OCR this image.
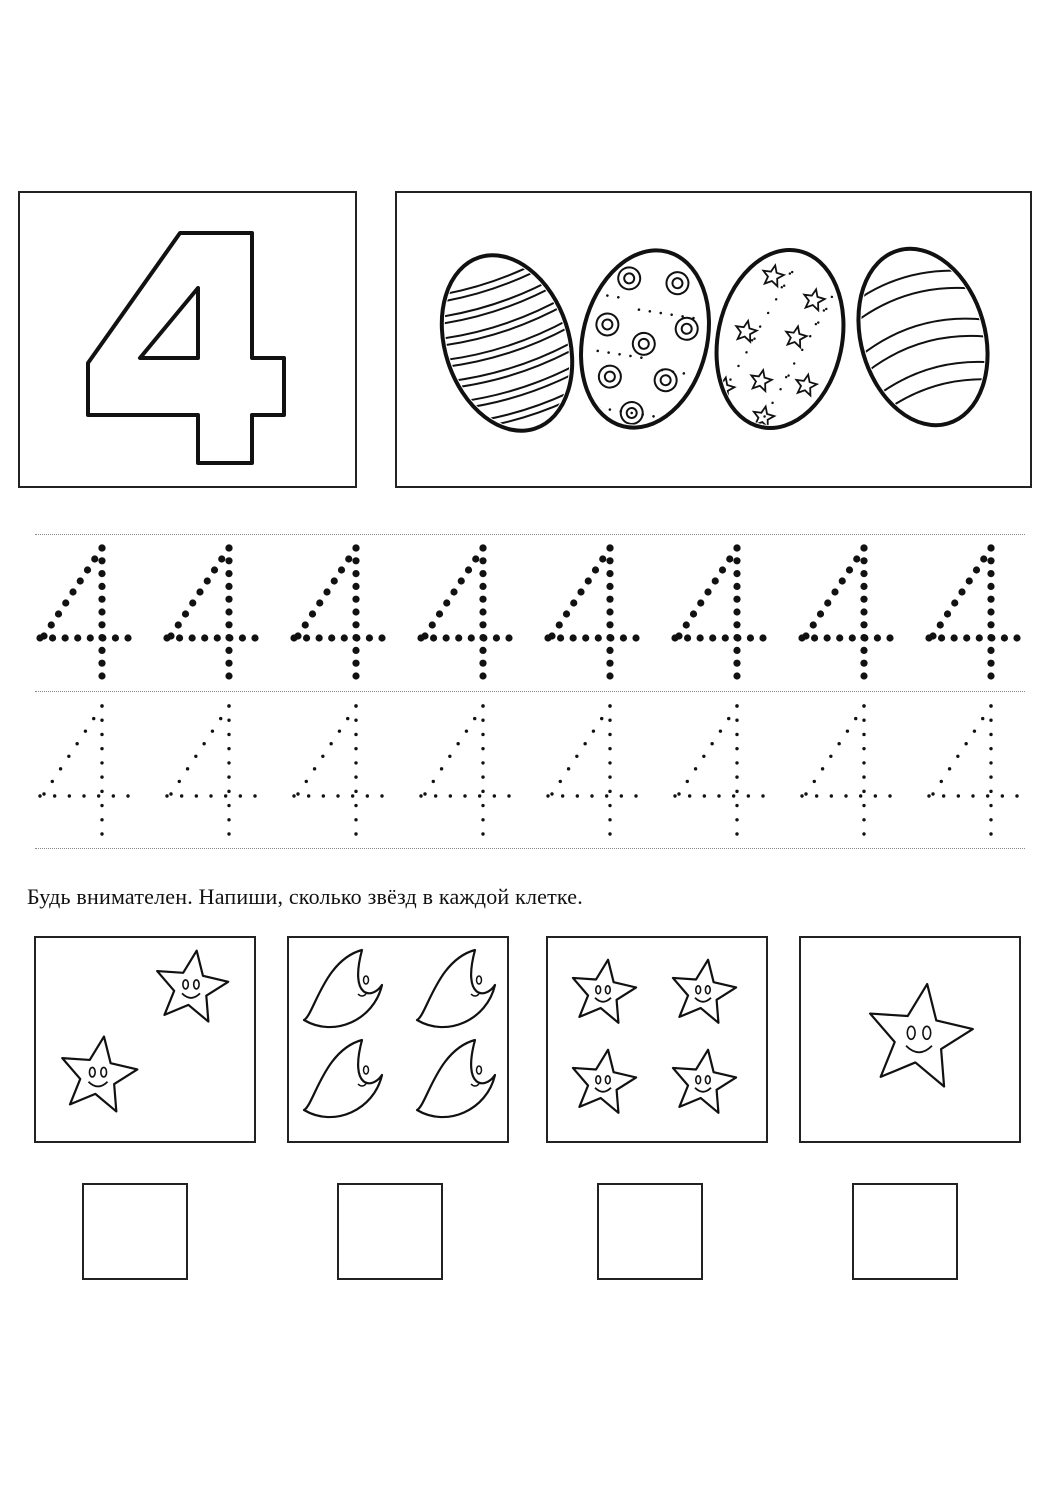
Будь внимателен. Напиши, сколько звёзд в каждой клетке.
